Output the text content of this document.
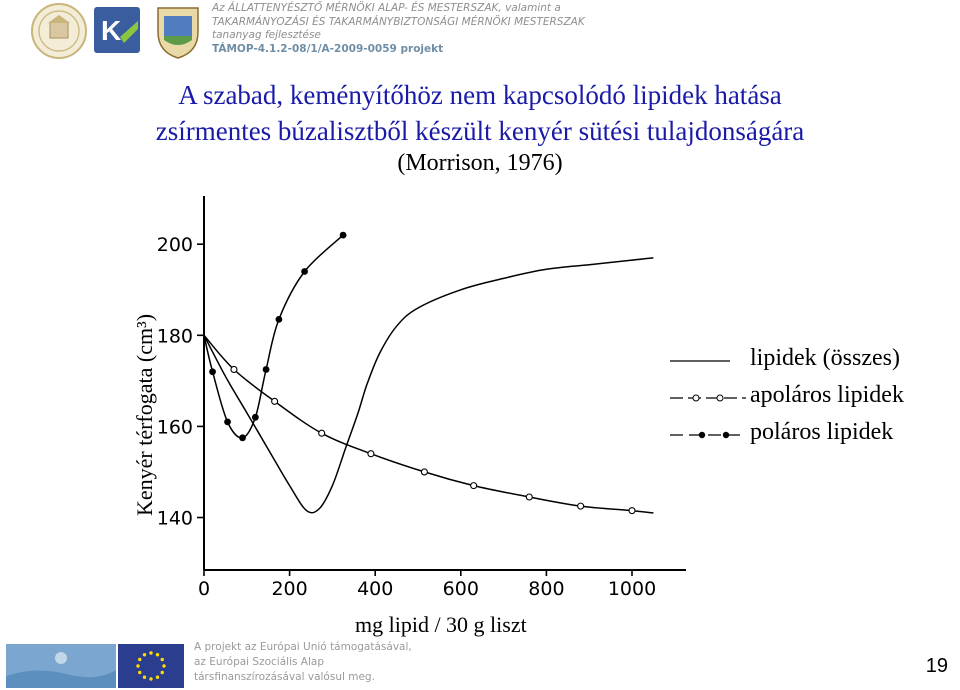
K
Az ÁLLATTENYÉSZTŐ MÉRNÖKI ALAP- ÉS MESTERSZAK, valamint a
TAKARMÁNYOZÁSI ÉS TAKARMÁNYBIZTONSÁGI MÉRNÖKI MESTERSZAK
tananyag fejlesztése
TÁMOP-4.1.2-08/1/A-2009-0059 projekt
A szabad, keményítőhöz nem kapcsolódó lipidek hatása
zsírmentes búzalisztből készült kenyér sütési tulajdonságára
(Morrison, 1976)
140
160
180
200
0	200	400	600	800 1000
Kenyér térfogata (cm³)
mg lipid / 30 g liszt
lipidek (összes)
apoláros lipidek
poláros lipidek
A projekt az Európai Unió támogatásával,
az Európai Szociális Alap
társfinanszírozásával valósul meg.	19
